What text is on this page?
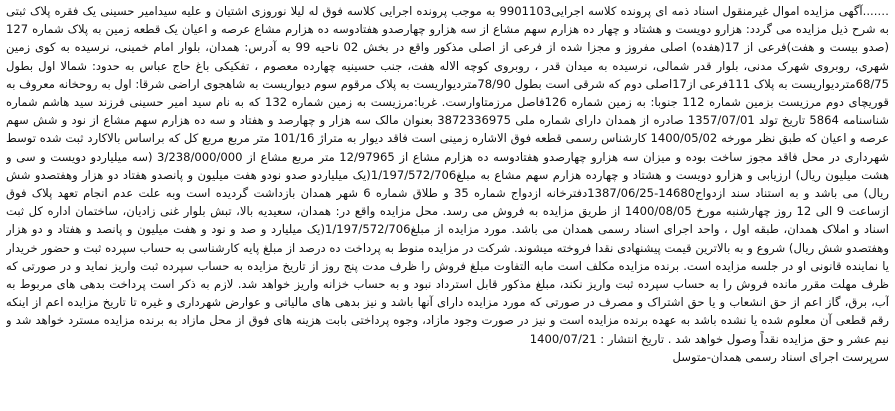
…....آگهی مزایده اموال غیرمنقول اسناد ذمه ای پرونده کلاسه اجرایی9901103 به موجب پرونده اجرایی کلاسه فوق له لیلا نوروزی اشتیان و علیه سیدامیر حسینی یک فقره پلاک ثبتی به شرح ذیل مزایده می گردد: هزارو دویست و هشتاد و چهار ده هزارم سهم مشاع از سه هزارو چهارصدو هفتادوسه ده هزارم مشاع عرصه و اعیان یک قطعه زمین به پلاک شماره 127 (صدو بیست و هفت)فرعی از 17(هفده) اصلی مفروز و مجزا شده از فرعی از اصلی مذکور واقع در بخش 02 ناحیه 99 به آدرس: همدان، بلوار امام خمینی، نرسیده به کوی زمین شهری، روبروی شهرک مدنی، بلوار قدر شمالی، نرسیده به میدان قدر ، روبروی کوچه الاله هفت، جنب حسینیه چهارده معصوم ، تفکیکی باغ حاج عباس به حدود: شمالا اول بطول 68/75متردیواریست به پلاک 111فرعی از17اصلی دوم که شرقی است بطول 78/90متردیواریست به پلاک مرقوم سوم دیواریست به شاهجوی اراضی شرقا: اول به روحخانه معروف به قوریچای دوم مرزیست بزمین شماره 112 جنوبا: به زمین شماره 126فاصل مرزمتاوارست. غربا:مرزیست به زمین شماره 132 که به نام سید امیر حسینی فرزند سید هاشم شماره شناسنامه 5864 تاریخ تولد 1357/07/01 صادره از همدان دارای شماره ملی 3872336975 بعنوان مالک سه هزار و چهارصد و هفتاد و سه ده هزارم سهم مشاع از نود و شش سهم عرصه و اعیان که طبق نظر مورخه 1400/05/02 کارشناس رسمی قطعه فوق الاشاره زمینی است فاقد دیوار به متراژ 101/16 متر مربع مربع کل که براساس بالاکارد ثبت شده توسط شهرداری در محل فاقد مجوز ساخت بوده و میزان سه هزارو چهارصدو هفتادوسه ده هزارم مشاع از 12/97965 متر مربع مشاع از 3/238/000/000 (سه میلیاردو دویست و سی و هشت میلیون ریال) ارزیابی و هزارو دویست و هشتاد و چهارده هزارم سهم مشاع به مبلغ1/197/572/706(یک میلیاردو صدو نودو هفت میلیون و پانصدو هفتاد دو هزار وهفتصدو شش ریال) می باشد و به استناد سند ازدواج14680-1387/06/25دفترخانه ازدواج شماره 35 و طلاق شماره 6 شهر همدان بازداشت گردیده است وبه علت عدم انجام تعهد پلاک فوق ازساعت 9 الی 12 روز چهارشنبه مورخ 1400/08/05 از طریق مزایده به فروش می رسد. محل مزایده واقع در: همدان، سعیدیه بالا، تبش بلوار غنی زادیان، ساختمان اداره کل ثبت اسناد و املاک همدان، طبقه اول ، واحد اجرای اسناد رسمی همدان می باشد. مورد مزایده از مبلغ1/197/572/706(یک میلیارد و صد و نود و هفت میلیون و پانصد و هفتاد و دو هزار وهفتصدو شش ریال) شروع و به بالاترین قیمت پیشنهادی نقدا فروخته میشوند. شرکت در مزایده منوط به پرداخت ده درصد از مبلغ پایه کارشناسی به حساب سپرده ثبت و حضور خریدار یا نماینده قانونی او در جلسه مزایده است. برنده مزایده مکلف است مابه التفاوت مبلغ فروش را ظرف مدت پنج روز از تاریخ مزایده به حساب سپرده ثبت واریز نماید و در صورتی که ظرف مهلت مقرر مانده فروش را به حساب سپرده ثبت واریز نکند، مبلغ مذکور قابل استرداد نبود و به حساب خزانه واریز خواهد شد. لازم به ذکر است پرداخت بدهی های مربوط به آب، برق، گاز اعم از حق انشعاب و یا حق اشتراک و مصرف در صورتی که مورد مزایده دارای آنها باشد و نیز بدهی های مالیاتی و عوارض شهرداری و غیره تا تاریخ مزایده اعم از اینکه رقم قطعی آن معلوم شده یا نشده باشد به عهده برنده مزایده است و نیز در صورت وجود مازاد، وجوه پرداختی بابت هزینه های فوق از محل مازاد به برنده مزایده مسترد خواهد شد و نیم عشر و حق مزایده نقداً وصول خواهد شد . تاریخ انتشار : 1400/07/21

سرپرست اجرای اسناد رسمی همدان-متوسل
